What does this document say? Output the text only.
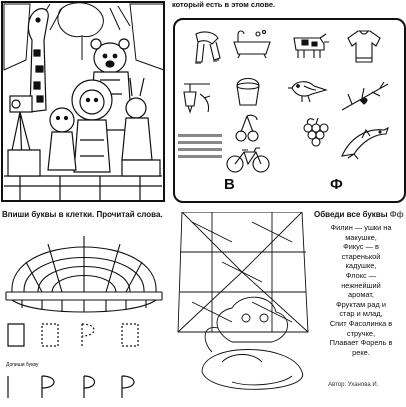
который есть в этом слове.
В	Ф
Впиши буквы в клетки. Прочитай слова.
Допиши букву
Обведи все буквы Фф
Филин — ушки на
макушке,
Фикус — в
старенькой
кадушке,
Флокс —
нежнейший
аромат,
Фруктам рад и
стар и млад,
Спит Фасолинка в
стручке,
Плавает Форель в
реке.
Автор: Уханова И.
